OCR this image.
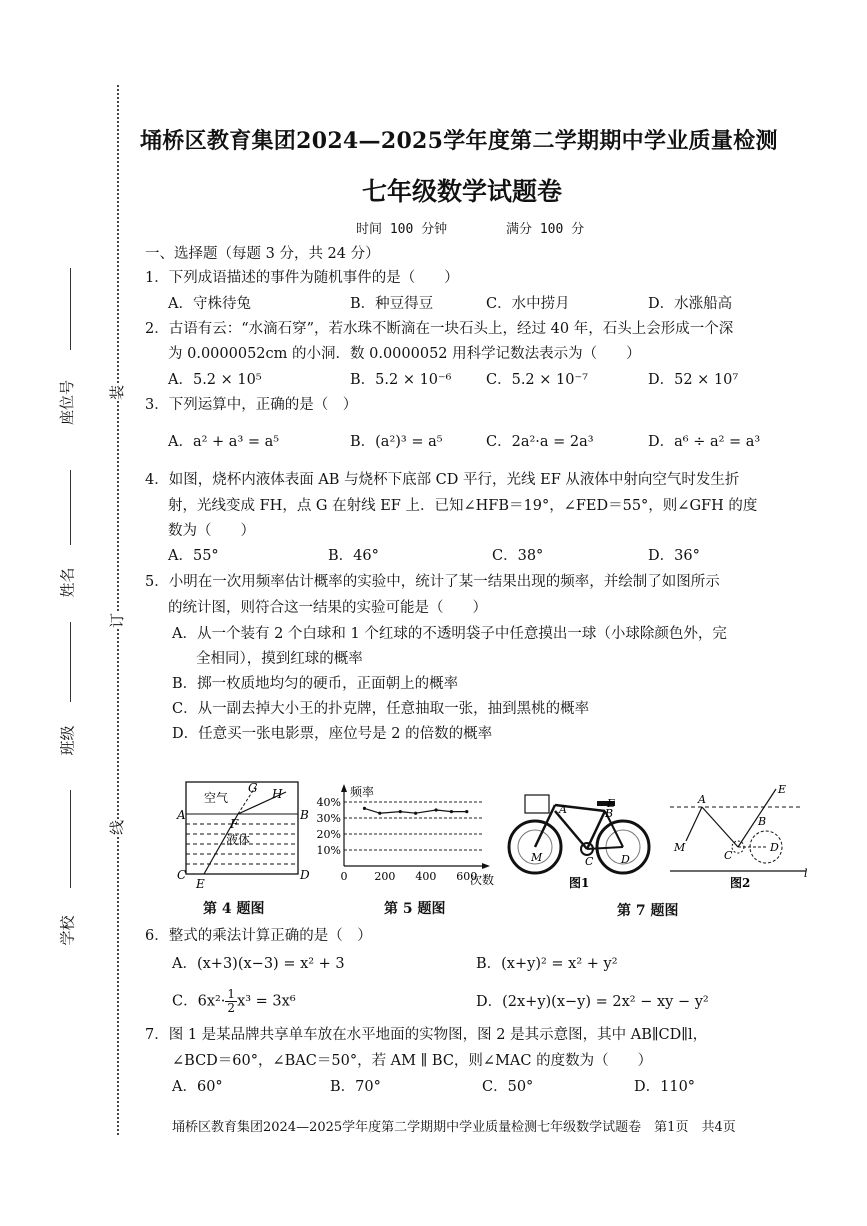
装
订
线
座位号
姓名
班级
学校
埇桥区教育集团2024—2025学年度第二学期期中学业质量检测
七年级数学试题卷
时间 100 分钟	满分 100 分
一、选择题（每题 3 分，共 24 分）
1．下列成语描述的事件为随机事件的是（　　）
A．守株待兔	B．种豆得豆	C．水中捞月	D．水涨船高
2．古语有云：“水滴石穿”，若水珠不断滴在一块石头上，经过 40 年，石头上会形成一个深
为 0.0000052cm 的小洞．数 0.0000052 用科学记数法表示为（　　）
A．5.2 × 10⁵	B．5.2 × 10⁻⁶ C．5.2 × 10⁻⁷	D．52 × 10⁷
3．下列运算中，正确的是（　）
A．a² + a³ = a⁵	B．(a²)³ = a⁵	C．2a²·a = 2a³	D．a⁶ ÷ a² = a³
4．如图，烧杯内液体表面 AB 与烧杯下底部 CD 平行，光线 EF 从液体中射向空气时发生折
射，光线变成 FH，点 G 在射线 EF 上．已知∠HFB＝19°，∠FED＝55°，则∠GFH 的度
数为（　　）
A．55°	B．46°	C．38°	D．36°
5．小明在一次用频率估计概率的实验中，统计了某一结果出现的频率，并绘制了如图所示
的统计图，则符合这一结果的实验可能是（　　）
A．从一个装有 2 个白球和 1 个红球的不透明袋子中任意摸出一球（小球除颜色外，完
全相同），摸到红球的概率
B．掷一枚质地均匀的硬币，正面朝上的概率
C．从一副去掉大小王的扑克牌，任意抽取一张，抽到黑桃的概率
D．任意买一张电影票，座位号是 2 的倍数的概率
空气
液体
A	B
C	D
E
F
G H
第 4 题图
10%
20%
30%
40%
0 200 400 600
频率
次数
第 5 题图
A	E
B
M	C	D
图1
A
E
B
M
C
D
l
图2
第 7 题图
6．整式的乘法计算正确的是（　）
A．(x+3)(x−3) = x² + 3	B．(x+y)² = x² + y²
C．$6x^2\cdot \frac{1}{2} x^3 = 3x^6$	D．(2x+y)(x−y) = 2x² − xy − y²
7．图 1 是某品牌共享单车放在水平地面的实物图，图 2 是其示意图，其中 AB∥CD∥l，
∠BCD＝60°，∠BAC＝50°，若 AM ∥ BC，则∠MAC 的度数为（　　）
A．60°	B．70°	C．50°	D．110°
埇桥区教育集团2024—2025学年度第二学期期中学业质量检测七年级数学试题卷　第1页　共4页
